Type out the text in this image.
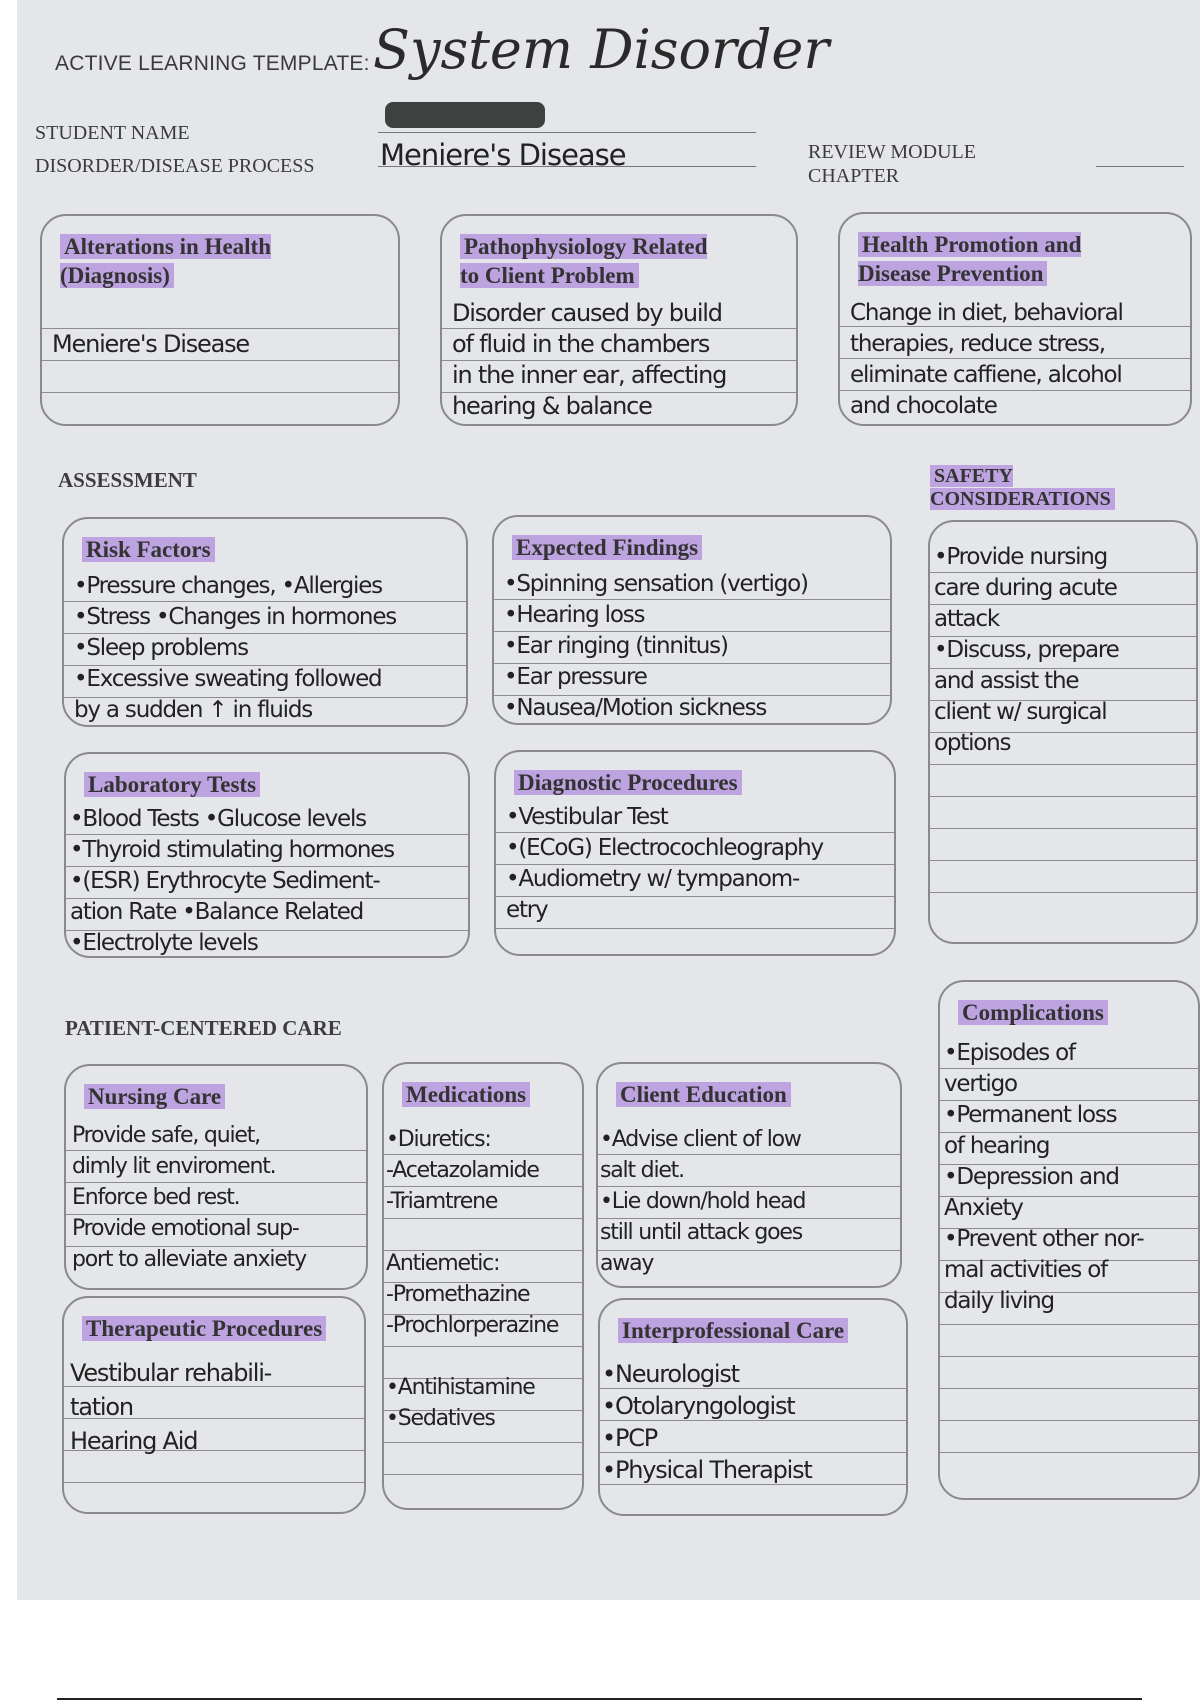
ACTIVE LEARNING TEMPLATE: System Disorder
STUDENT NAME
DISORDER/DISEASE PROCESS Meniere's Disease	REVIEW MODULE
CHAPTER
Alterations in Health
(Diagnosis)
Meniere's Disease
Pathophysiology Related
to Client Problem
Disorder caused by build
of fluid in the chambers
in the inner ear, affecting
hearing & balance
Health Promotion and
Disease Prevention
Change in diet, behavioral
therapies, reduce stress,
eliminate caffiene, alcohol
and chocolate
ASSESSMENT
Risk Factors
•Pressure changes, •Allergies
•Stress •Changes in hormones
•Sleep problems
•Excessive sweating followed
by a sudden ↑ in fluids
Expected Findings
•Spinning sensation (vertigo)
•Hearing loss
•Ear ringing (tinnitus)
•Ear pressure
•Nausea/Motion sickness
SAFETY
CONSIDERATIONS
•Provide nursing
care during acute
attack
•Discuss, prepare
and assist the
client w/ surgical
options
Laboratory Tests
•Blood Tests •Glucose levels
•Thyroid stimulating hormones
•(ESR) Erythrocyte Sediment-
ation Rate •Balance Related
•Electrolyte levels
Diagnostic Procedures
•Vestibular Test
•(ECoG) Electrocochleography
•Audiometry w/ tympanom-
etry
PATIENT-CENTERED CARE
Complications
•Episodes of
vertigo
•Permanent loss
of hearing
•Depression and
Anxiety
•Prevent other nor-
mal activities of
daily living
Nursing Care
Provide safe, quiet,
dimly lit enviroment.
Enforce bed rest.
Provide emotional sup-
port to alleviate anxiety
Medications
•Diuretics:
-Acetazolamide
-Triamtrene
Antiemetic:
-Promethazine
-Prochlorperazine
•Antihistamine
•Sedatives
Client Education
•Advise client of low
salt diet.
•Lie down/hold head
still until attack goes
away
Therapeutic Procedures
Vestibular rehabili-
tation
Hearing Aid
Interprofessional Care
•Neurologist
•Otolaryngologist
•PCP
•Physical Therapist
